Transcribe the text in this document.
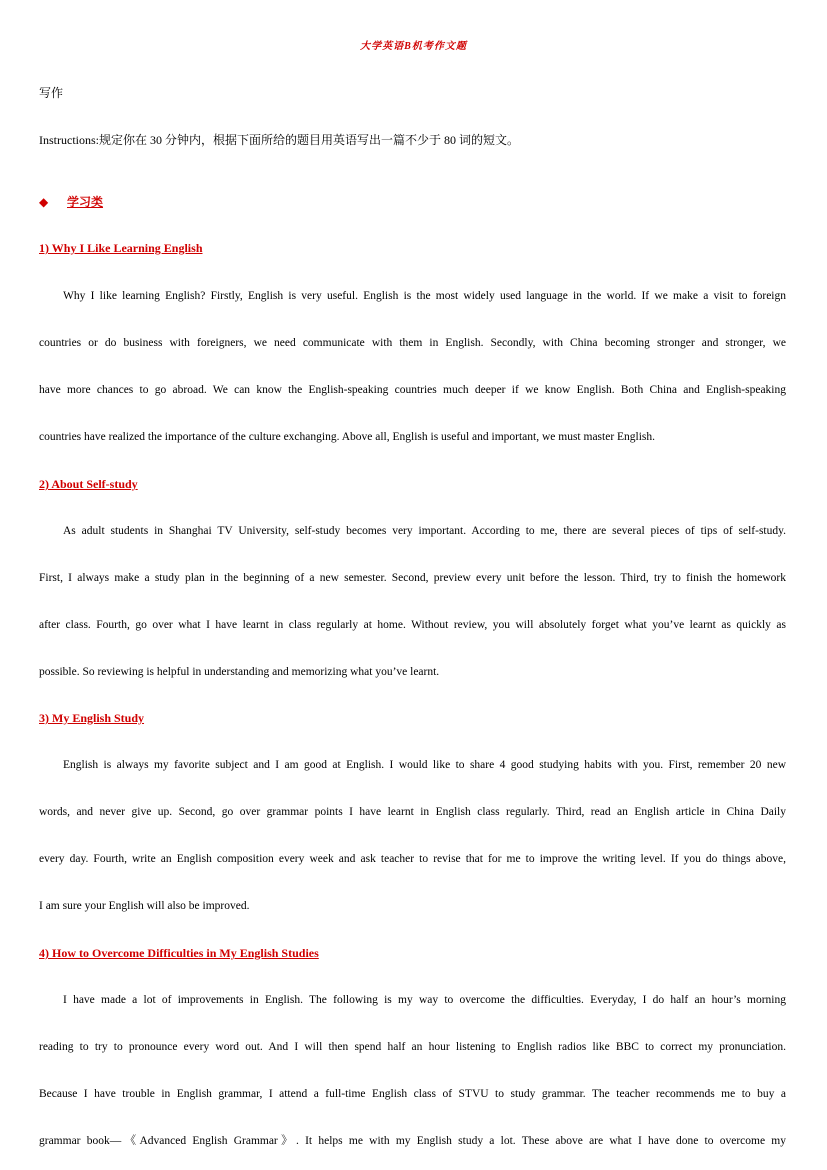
大学英语B机考作文题
写作
Instructions:规定你在 30 分钟内，根据下面所给的题目用英语写出一篇不少于 80 词的短文。
◆ 学习类
1) Why I Like Learning English
Why I like learning English? Firstly, English is very useful. English is the most widely used language in the world. If we make a visit to foreign
countries or do business with foreigners, we need communicate with them in English. Secondly, with China becoming stronger and stronger, we
have more chances to go abroad. We can know the English-speaking countries much deeper if we know English. Both China and English-speaking
countries have realized the importance of the culture exchanging. Above all, English is useful and important, we must master English.
2) About Self-study
As adult students in Shanghai TV University, self-study becomes very important. According to me, there are several pieces of tips of self-study.
First, I always make a study plan in the beginning of a new semester. Second, preview every unit before the lesson. Third, try to finish the homework
after class. Fourth, go over what I have learnt in class regularly at home. Without review, you will absolutely forget what you’ve learnt as quickly as
possible. So reviewing is helpful in understanding and memorizing what you’ve learnt.
3) My English Study
English is always my favorite subject and I am good at English. I would like to share 4 good studying habits with you. First, remember 20 new
words, and never give up. Second, go over grammar points I have learnt in English class regularly. Third, read an English article in China Daily
every day. Fourth, write an English composition every week and ask teacher to revise that for me to improve the writing level. If you do things above,
I am sure your English will also be improved.
4) How to Overcome Difficulties in My English Studies
I have made a lot of improvements in English. The following is my way to overcome the difficulties. Everyday, I do half an hour’s morning
reading to try to pronounce every word out. And I will then spend half an hour listening to English radios like BBC to correct my pronunciation.
Because I have trouble in English grammar, I attend a full-time English class of STVU to study grammar. The teacher recommends me to buy a
grammar book—《Advanced English Grammar》. It helps me with my English study a lot. These above are what I have done to overcome my
